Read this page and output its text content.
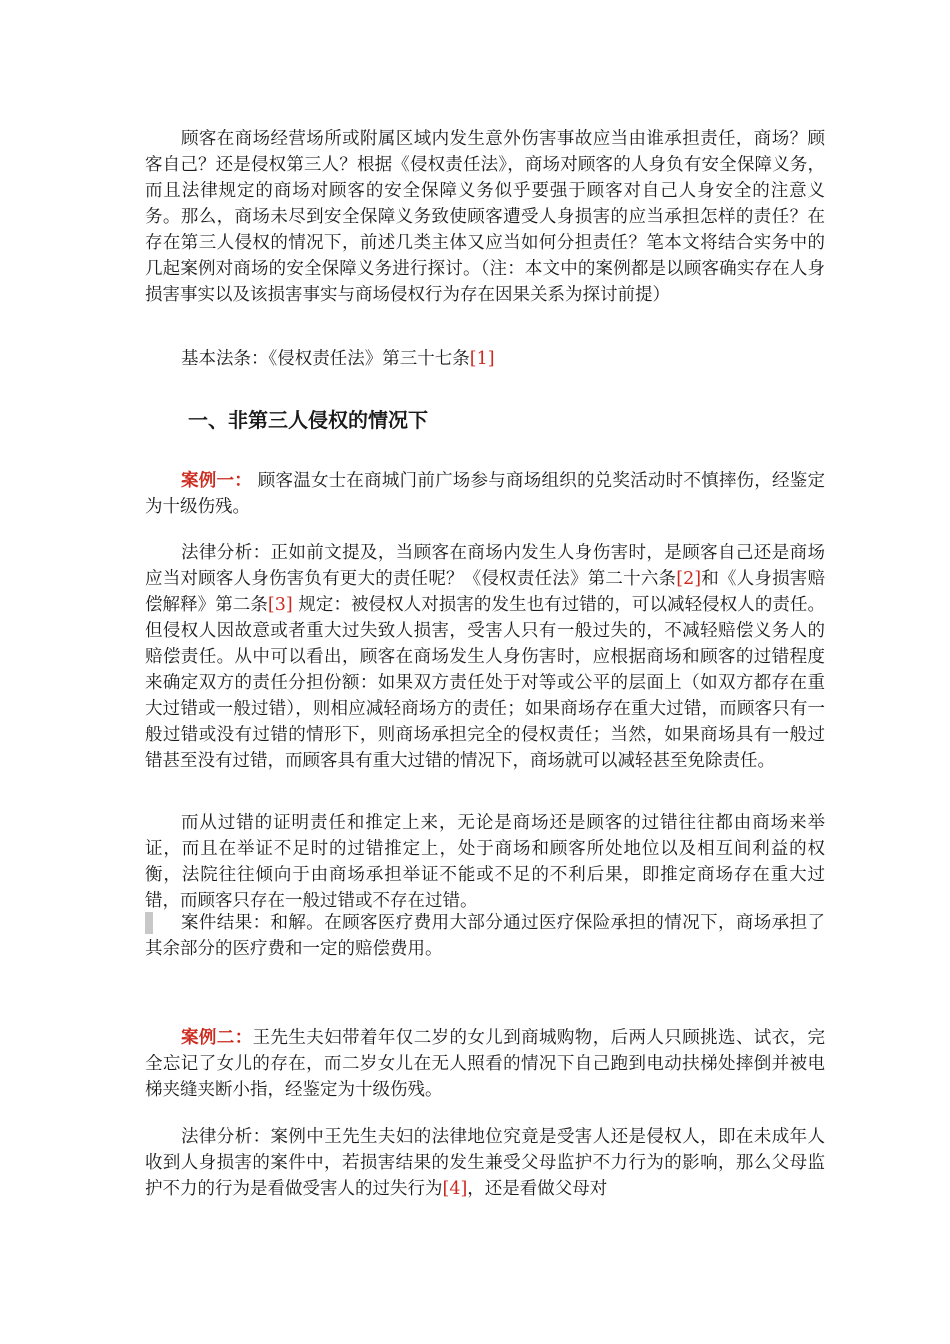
顾客在商场经营场所或附属区域内发生意外伤害事故应当由谁承担责任，商场？顾客自己？还是侵权第三人？根据《侵权责任法》，商场对顾客的人身负有安全保障义务，而且法律规定的商场对顾客的安全保障义务似乎要强于顾客对自己人身安全的注意义务。那么，商场未尽到安全保障义务致使顾客遭受人身损害的应当承担怎样的责任？在存在第三人侵权的情况下，前述几类主体又应当如何分担责任？笔本文将结合实务中的几起案例对商场的安全保障义务进行探讨。（注：本文中的案例都是以顾客确实存在人身损害事实以及该损害事实与商场侵权行为存在因果关系为探讨前提）

基本法条：《侵权责任法》第三十七条[1]

一、非第三人侵权的情况下

案例一： 顾客温女士在商城门前广场参与商场组织的兑奖活动时不慎摔伤，经鉴定为十级伤残。

法律分析：正如前文提及，当顾客在商场内发生人身伤害时，是顾客自己还是商场应当对顾客人身伤害负有更大的责任呢？《侵权责任法》第二十六条[2]和《人身损害赔偿解释》第二条[3] 规定：被侵权人对损害的发生也有过错的，可以减轻侵权人的责任。但侵权人因故意或者重大过失致人损害，受害人只有一般过失的，不减轻赔偿义务人的赔偿责任。从中可以看出，顾客在商场发生人身伤害时，应根据商场和顾客的过错程度来确定双方的责任分担份额：如果双方责任处于对等或公平的层面上（如双方都存在重大过错或一般过错），则相应减轻商场方的责任；如果商场存在重大过错，而顾客只有一般过错或没有过错的情形下，则商场承担完全的侵权责任；当然，如果商场具有一般过错甚至没有过错，而顾客具有重大过错的情况下，商场就可以减轻甚至免除责任。

而从过错的证明责任和推定上来，无论是商场还是顾客的过错往往都由商场来举证，而且在举证不足时的过错推定上，处于商场和顾客所处地位以及相互间利益的权衡，法院往往倾向于由商场承担举证不能或不足的不利后果，即推定商场存在重大过错，而顾客只存在一般过错或不存在过错。

案件结果：和解。在顾客医疗费用大部分通过医疗保险承担的情况下，商场承担了其余部分的医疗费和一定的赔偿费用。

案例二：王先生夫妇带着年仅二岁的女儿到商城购物，后两人只顾挑选、试衣，完全忘记了女儿的存在，而二岁女儿在无人照看的情况下自己跑到电动扶梯处摔倒并被电梯夹缝夹断小指，经鉴定为十级伤残。

法律分析：案例中王先生夫妇的法律地位究竟是受害人还是侵权人，即在未成年人收到人身损害的案件中，若损害结果的发生兼受父母监护不力行为的影响，那么父母监护不力的行为是看做受害人的过失行为[4]，还是看做父母对
